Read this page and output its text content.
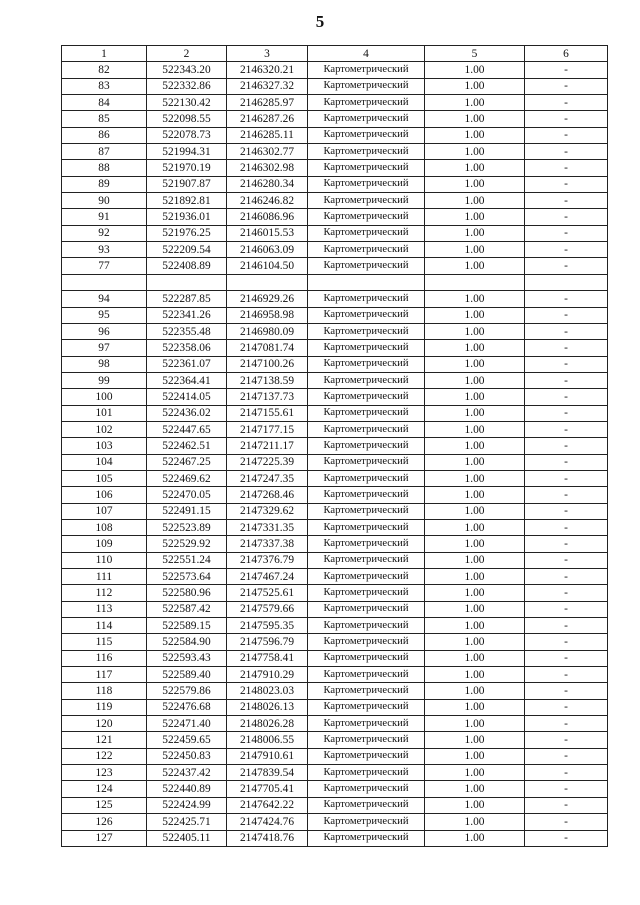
5
1	2	3	4	5	6
82	522343.20	2146320.21	Картометрический	1.00	-
83	522332.86	2146327.32	Картометрический	1.00	-
84	522130.42	2146285.97	Картометрический	1.00	-
85	522098.55	2146287.26	Картометрический	1.00	-
86	522078.73	2146285.11	Картометрический	1.00	-
87	521994.31	2146302.77	Картометрический	1.00	-
88	521970.19	2146302.98	Картометрический	1.00	-
89	521907.87	2146280.34	Картометрический	1.00	-
90	521892.81	2146246.82	Картометрический	1.00	-
91	521936.01	2146086.96	Картометрический	1.00	-
92	521976.25	2146015.53	Картометрический	1.00	-
93	522209.54	2146063.09	Картометрический	1.00	-
77	522408.89	2146104.50	Картометрический	1.00	-

94	522287.85	2146929.26	Картометрический	1.00	-
95	522341.26	2146958.98	Картометрический	1.00	-
96	522355.48	2146980.09	Картометрический	1.00	-
97	522358.06	2147081.74	Картометрический	1.00	-
98	522361.07	2147100.26	Картометрический	1.00	-
99	522364.41	2147138.59	Картометрический	1.00	-
100	522414.05	2147137.73	Картометрический	1.00	-
101	522436.02	2147155.61	Картометрический	1.00	-
102	522447.65	2147177.15	Картометрический	1.00	-
103	522462.51	2147211.17	Картометрический	1.00	-
104	522467.25	2147225.39	Картометрический	1.00	-
105	522469.62	2147247.35	Картометрический	1.00	-
106	522470.05	2147268.46	Картометрический	1.00	-
107	522491.15	2147329.62	Картометрический	1.00	-
108	522523.89	2147331.35	Картометрический	1.00	-
109	522529.92	2147337.38	Картометрический	1.00	-
110	522551.24	2147376.79	Картометрический	1.00	-
111	522573.64	2147467.24	Картометрический	1.00	-
112	522580.96	2147525.61	Картометрический	1.00	-
113	522587.42	2147579.66	Картометрический	1.00	-
114	522589.15	2147595.35	Картометрический	1.00	-
115	522584.90	2147596.79	Картометрический	1.00	-
116	522593.43	2147758.41	Картометрический	1.00	-
117	522589.40	2147910.29	Картометрический	1.00	-
118	522579.86	2148023.03	Картометрический	1.00	-
119	522476.68	2148026.13	Картометрический	1.00	-
120	522471.40	2148026.28	Картометрический	1.00	-
121	522459.65	2148006.55	Картометрический	1.00	-
122	522450.83	2147910.61	Картометрический	1.00	-
123	522437.42	2147839.54	Картометрический	1.00	-
124	522440.89	2147705.41	Картометрический	1.00	-
125	522424.99	2147642.22	Картометрический	1.00	-
126	522425.71	2147424.76	Картометрический	1.00	-
127	522405.11	2147418.76	Картометрический	1.00	-
